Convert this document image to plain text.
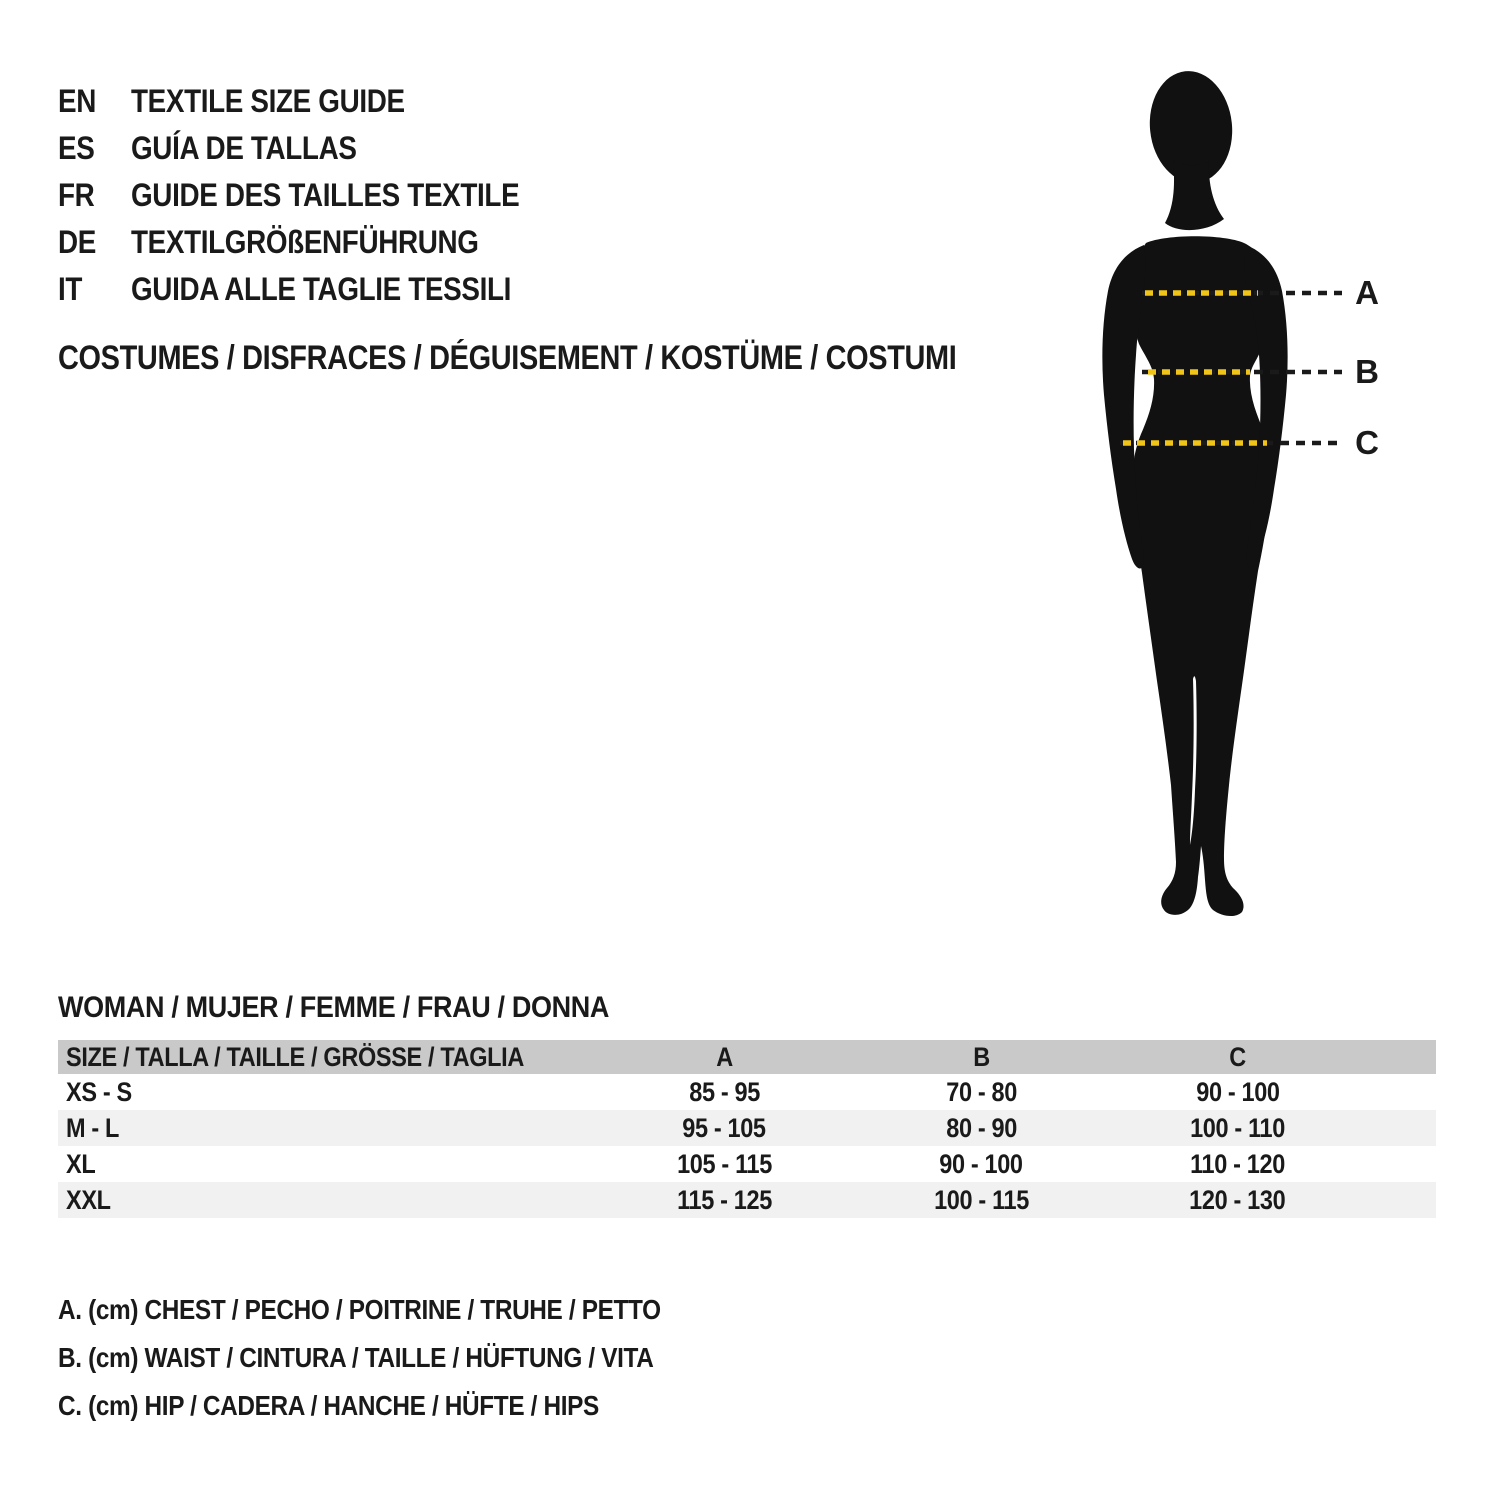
EN	TEXTILE SIZE GUIDE
ES	GUÍA DE TALLAS
FR	GUIDE DES TAILLES TEXTILE
DE	TEXTILGRÖßENFÜHRUNG
IT	GUIDA ALLE TAGLIE TESSILI
COSTUMES / DISFRACES / DÉGUISEMENT / KOSTÜME / COSTUMI
A
B
C
WOMAN / MUJER / FEMME / FRAU / DONNA
SIZE / TALLA / TAILLE / GRÖSSE / TAGLIA	A	B	C	
XS - S	85 - 95	70 - 80	90 - 100	
M - L	95 - 105	80 - 90	100 - 110	
XL	105 - 115	90 - 100	110 - 120	
XXL	115 - 125	100 - 115	120 - 130	
A. (cm) CHEST / PECHO / POITRINE / TRUHE / PETTO
B. (cm) WAIST / CINTURA / TAILLE / HÜFTUNG / VITA
C. (cm) HIP / CADERA / HANCHE / HÜFTE / HIPS
